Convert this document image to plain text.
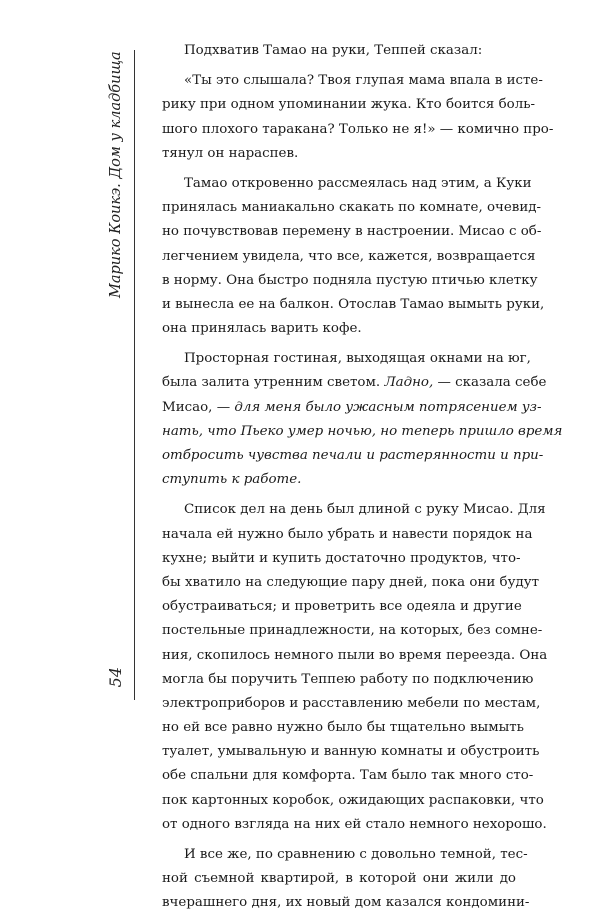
Марико Коикэ. Дом у кладбища
54
Подхватив Тамао на руки, Теппей сказал:
«Ты это слышала? Твоя глупая мама впала в исте-
рику при одном упоминании жука. Кто боится боль-
шого плохого таракана? Только не я!» — комично про-
тянул он нараспев.
Тамао откровенно рассмеялась над этим, а Куки
принялась маниакально скакать по комнате, очевид-
но почувствовав перемену в настроении. Мисао с об-
легчением увидела, что все, кажется, возвращается
в норму. Она быстро подняла пустую птичью клетку
и вынесла ее на балкон. Отослав Тамао вымыть руки,
она принялась варить кофе.
Просторная гостиная, выходящая окнами на юг,
была залита утренним светом. Ладно, — сказала себе
Мисао, — для меня было ужасным потрясением уз-
нать, что Пьеко умер ночью, но теперь пришло время
отбросить чувства печали и растерянности и при-
ступить к работе.
Список дел на день был длиной с руку Мисао. Для
начала ей нужно было убрать и навести порядок на
кухне; выйти и купить достаточно продуктов, что-
бы хватило на следующие пару дней, пока они будут
обустраиваться; и проветрить все одеяла и другие
постельные принадлежности, на которых, без сомне-
ния, скопилось немного пыли во время переезда. Она
могла бы поручить Теппею работу по подключению
электроприборов и расставлению мебели по местам,
но ей все равно нужно было бы тщательно вымыть
туалет, умывальную и ванную комнаты и обустроить
обе спальни для комфорта. Там было так много сто-
пок картонных коробок, ожидающих распаковки, что
от одного взгляда на них ей стало немного нехорошо.
И все же, по сравнению с довольно темной, тес-
ной съемной квартирой, в которой они жили до
вчерашнего дня, их новый дом казался кондомини-
